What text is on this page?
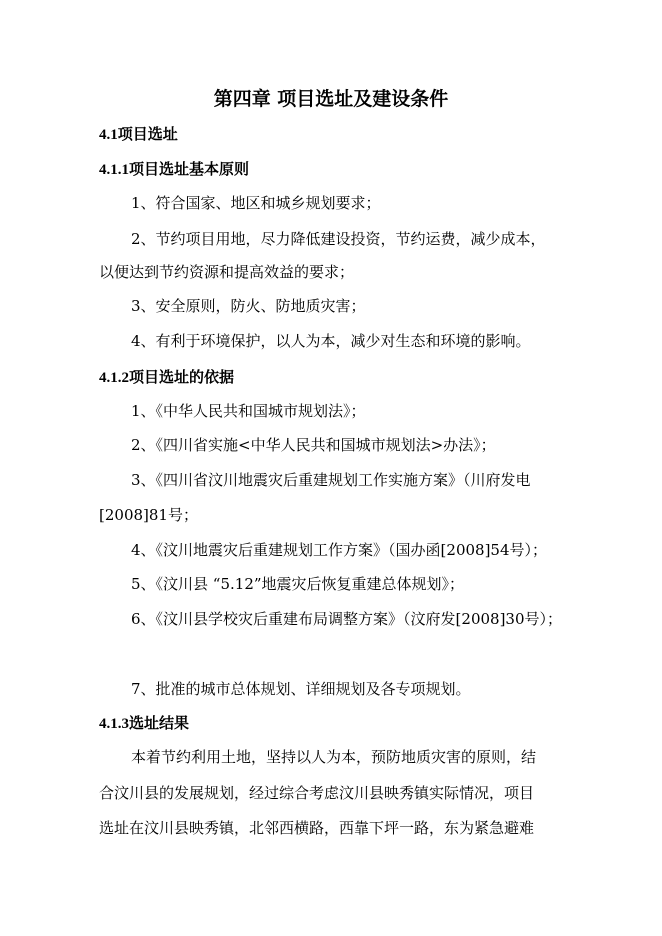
第四章 项目选址及建设条件
4.1项目选址
4.1.1项目选址基本原则
1、符合国家、地区和城乡规划要求；
2、节约项目用地，尽力降低建设投资，节约运费，减少成本，
以便达到节约资源和提高效益的要求；
3、安全原则，防火、防地质灾害；
4、有利于环境保护，以人为本，减少对生态和环境的影响。
4.1.2项目选址的依据
1、《中华人民共和国城市规划法》；
2、《四川省实施<中华人民共和国城市规划法>办法》；
3、《四川省汶川地震灾后重建规划工作实施方案》（川府发电
[2008]81号；
4、《汶川地震灾后重建规划工作方案》（国办函[2008]54号）；
5、《汶川县 “5.12”地震灾后恢复重建总体规划》；
6、《汶川县学校灾后重建布局调整方案》（汶府发[2008]30号）；
7、批准的城市总体规划、详细规划及各专项规划。
4.1.3选址结果
本着节约利用土地，坚持以人为本，预防地质灾害的原则，结
合汶川县的发展规划，经过综合考虑汶川县映秀镇实际情况，项目
选址在汶川县映秀镇，北邻西横路，西靠下坪一路，东为紧急避难
